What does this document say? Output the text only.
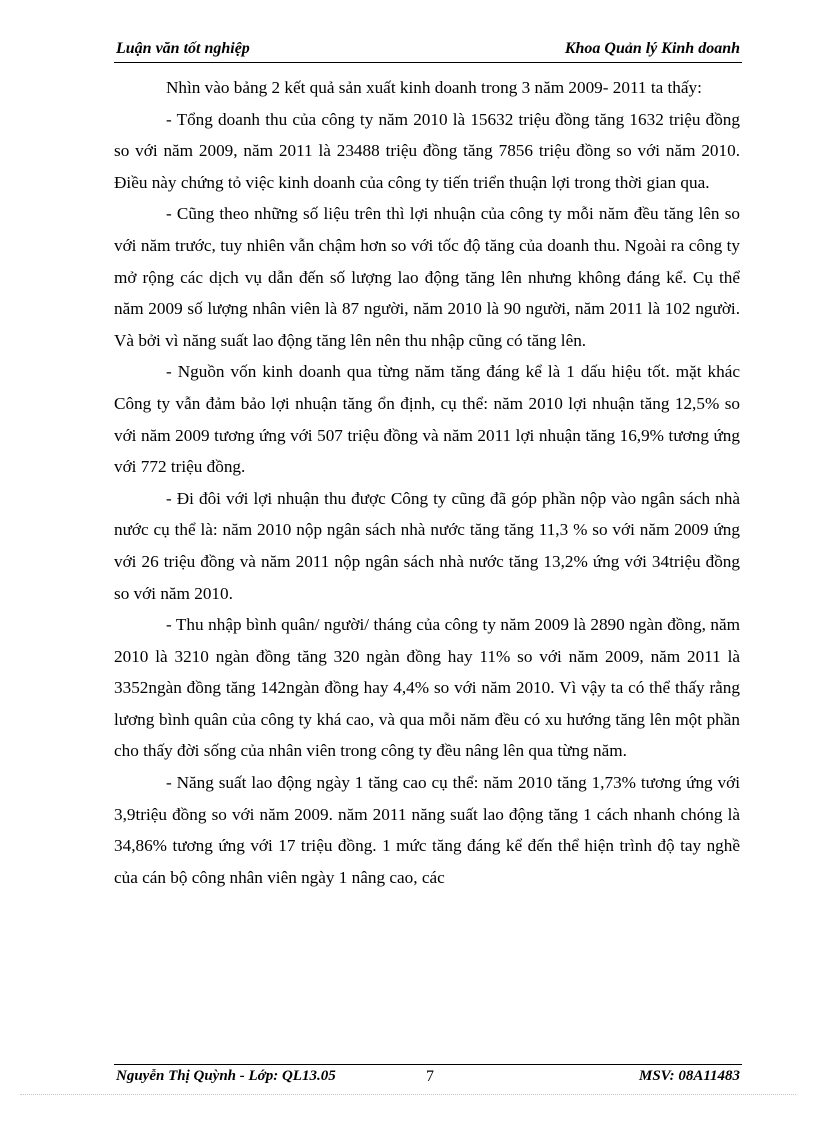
Luận văn tốt nghiệp	Khoa Quản lý Kinh doanh

Nhìn vào bảng 2 kết quả sản xuất kinh doanh trong 3 năm 2009- 2011 ta thấy:

- Tổng doanh thu của công ty năm 2010 là 15632 triệu đồng tăng 1632 triệu đồng so với năm 2009, năm 2011 là 23488 triệu đồng tăng 7856 triệu đồng so với năm 2010. Điều này chứng tỏ việc kinh doanh của công ty tiến triển thuận lợi trong thời gian qua.

- Cũng theo những số liệu trên thì lợi nhuận của công ty mỗi năm đều tăng lên so với năm trước, tuy nhiên vẫn chậm hơn so với tốc độ tăng của doanh thu. Ngoài ra công ty mở rộng các dịch vụ dẫn đến số lượng lao động tăng lên nhưng không đáng kể. Cụ thể năm 2009 số lượng nhân viên là 87 người, năm 2010 là 90 người, năm 2011 là 102 người. Và bởi vì năng suất lao động tăng lên nên thu nhập cũng có tăng lên.

- Nguồn vốn kinh doanh qua từng năm tăng đáng kể là 1 dấu hiệu tốt. mặt khác Công ty vẫn đảm bảo lợi nhuận tăng ổn định, cụ thể: năm 2010 lợi nhuận tăng 12,5% so với năm 2009 tương ứng với 507 triệu đồng và năm 2011 lợi nhuận tăng 16,9% tương ứng với 772 triệu đồng.

- Đi đôi với lợi nhuận thu được Công ty cũng đã góp phần nộp vào ngân sách nhà nước cụ thể là: năm 2010 nộp ngân sách nhà nước tăng tăng 11,3 % so với năm 2009 ứng với 26 triệu đồng và năm 2011 nộp ngân sách nhà nước tăng 13,2% ứng với 34triệu đồng so với năm 2010.

- Thu nhập bình quân/ người/ tháng của công ty năm 2009 là 2890 ngàn đồng, năm 2010 là 3210 ngàn đồng tăng 320 ngàn đồng hay 11% so với năm 2009, năm 2011 là 3352ngàn đồng tăng 142ngàn đồng hay 4,4% so với năm 2010. Vì vậy ta có thể thấy rằng lương bình quân của công ty khá cao, và qua mỗi năm đều có xu hướng tăng lên một phần cho thấy đời sống của nhân viên trong công ty đều nâng lên qua từng năm.

- Năng suất lao động ngày 1 tăng cao cụ thể: năm 2010 tăng 1,73% tương ứng với 3,9triệu đồng so với năm 2009. năm 2011 năng suất lao động tăng 1 cách nhanh chóng là 34,86% tương ứng với 17 triệu đồng. 1 mức tăng đáng kể đến thể hiện trình độ tay nghề của cán bộ công nhân viên ngày 1 nâng cao, các

Nguyễn Thị Quỳnh - Lớp: QL13.05	7	MSV: 08A11483
